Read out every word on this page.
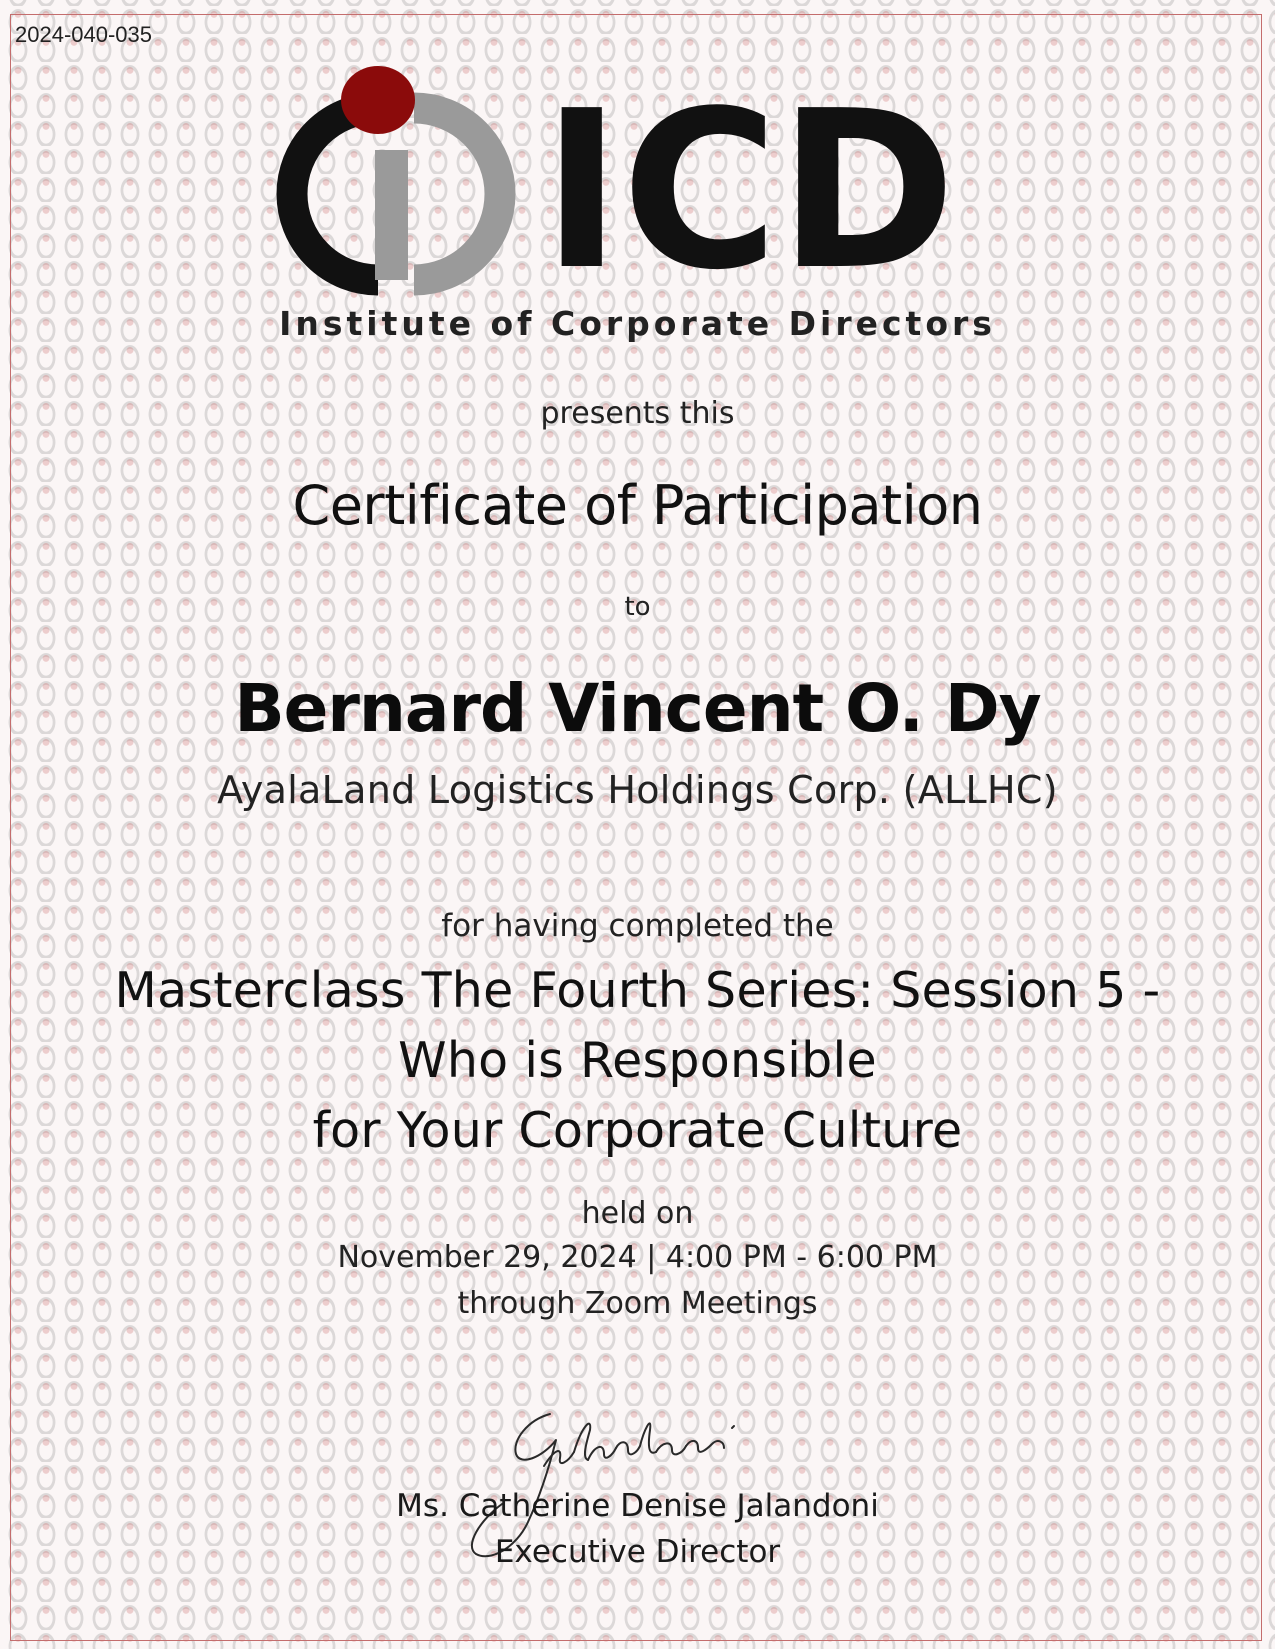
2024-040-035

ICD

Institute of Corporate Directors

presents this

Certificate of Participation

to

Bernard Vincent O. Dy

AyalaLand Logistics Holdings Corp. (ALLHC)

for having completed the

Masterclass The Fourth Series: Session 5 -
Who is Responsible
for Your Corporate Culture

held on

November 29, 2024 | 4:00 PM - 6:00 PM

through Zoom Meetings

Ms. Catherine Denise Jalandoni

Executive Director
